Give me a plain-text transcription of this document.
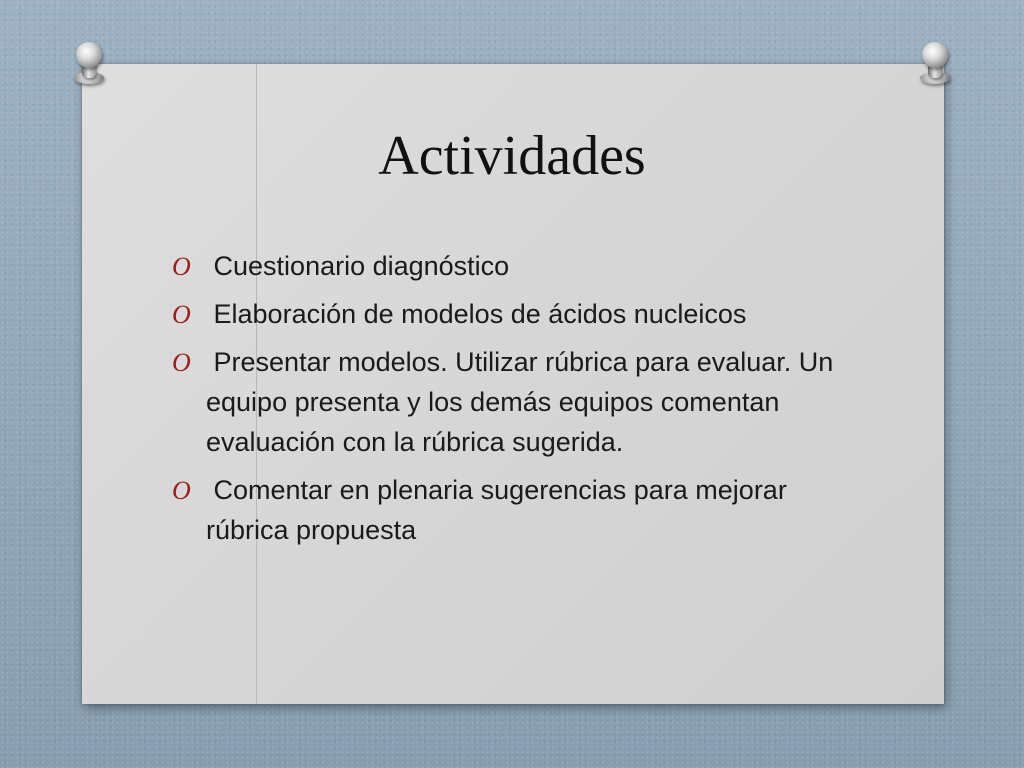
Actividades
O Cuestionario diagnóstico
O Elaboración de modelos de ácidos nucleicos
O Presentar modelos. Utilizar rúbrica para evaluar. Un equipo presenta y los demás equipos comentan evaluación con la rúbrica sugerida.
O Comentar en plenaria sugerencias para mejorar rúbrica propuesta
